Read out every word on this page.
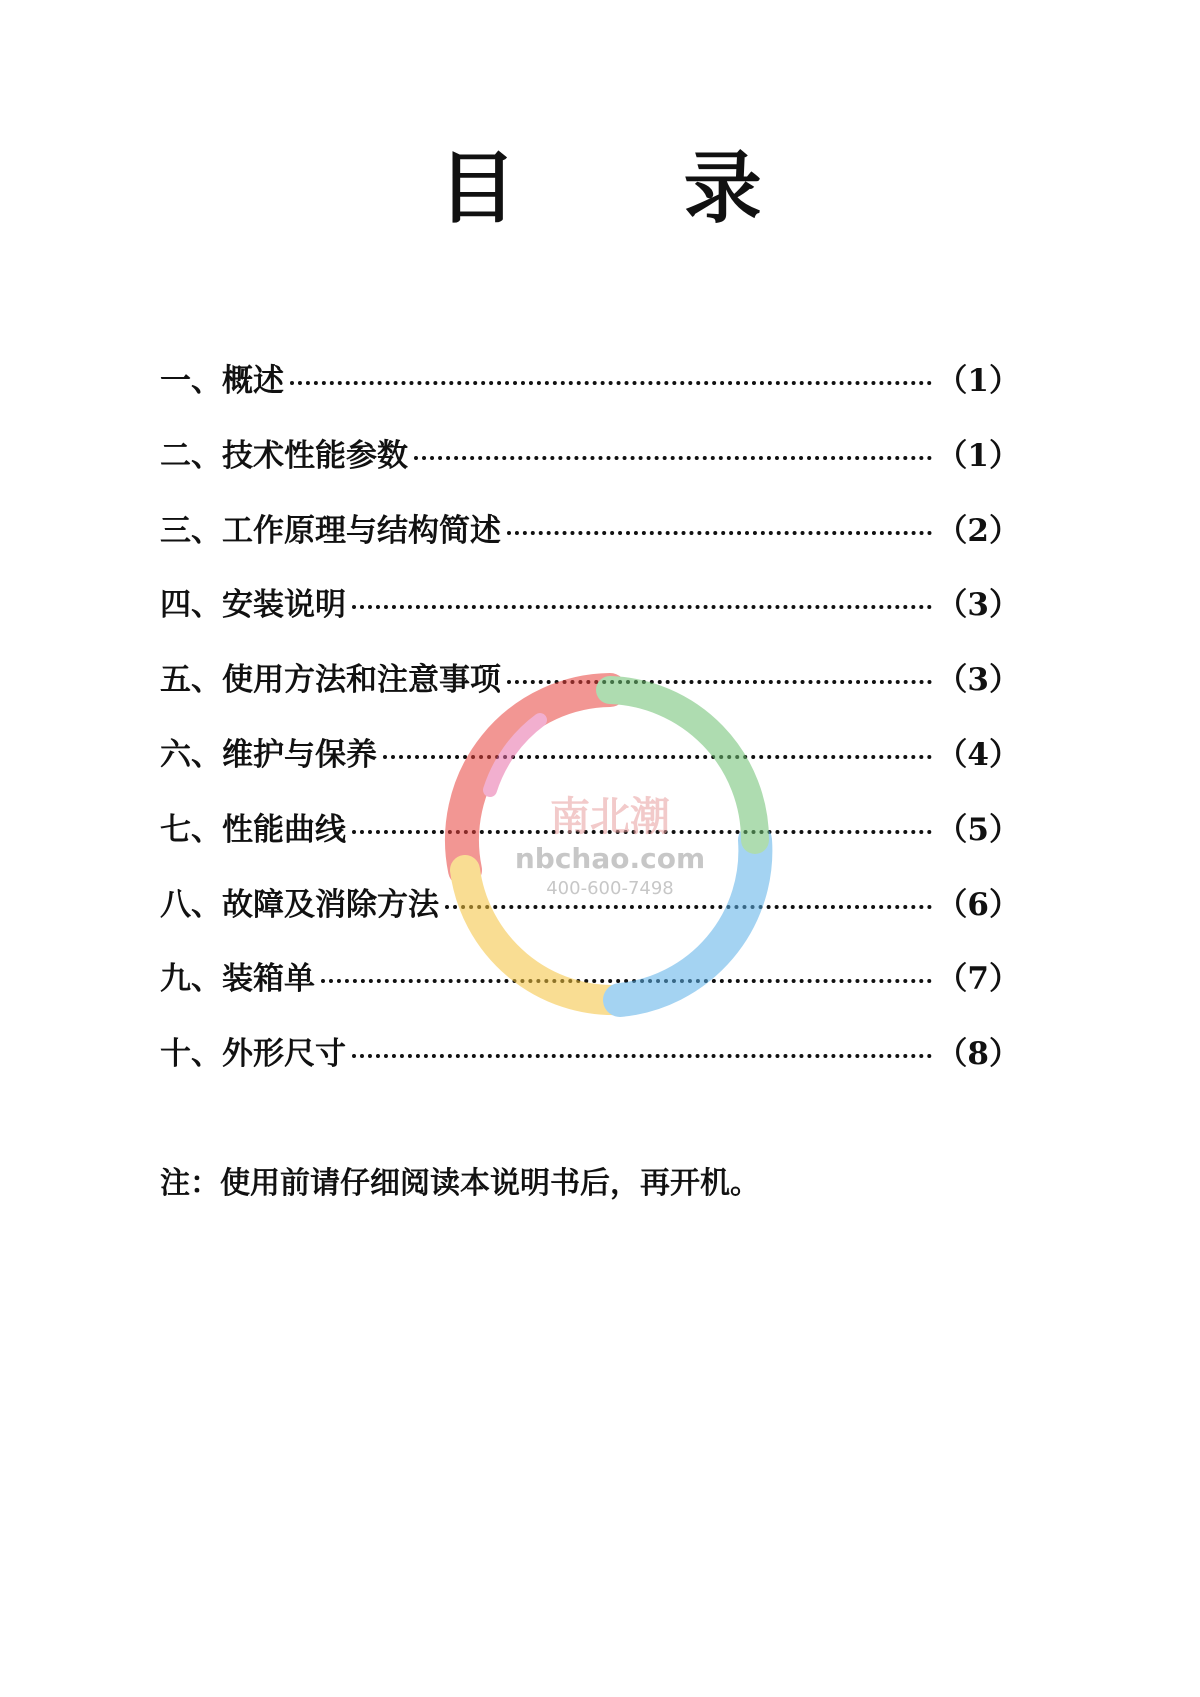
目 录
一、概述	（1）
二、技术性能参数	（1）
三、工作原理与结构简述	（2）
四、安装说明	（3）
五、使用方法和注意事项	（3）
六、维护与保养	（4）
七、性能曲线	（5）
八、故障及消除方法	（6）
九、装箱单	（7）
十、外形尺寸	（8）
注：使用前请仔细阅读本说明书后，再开机。
南北潮
nbchao.com
400-600-7498
